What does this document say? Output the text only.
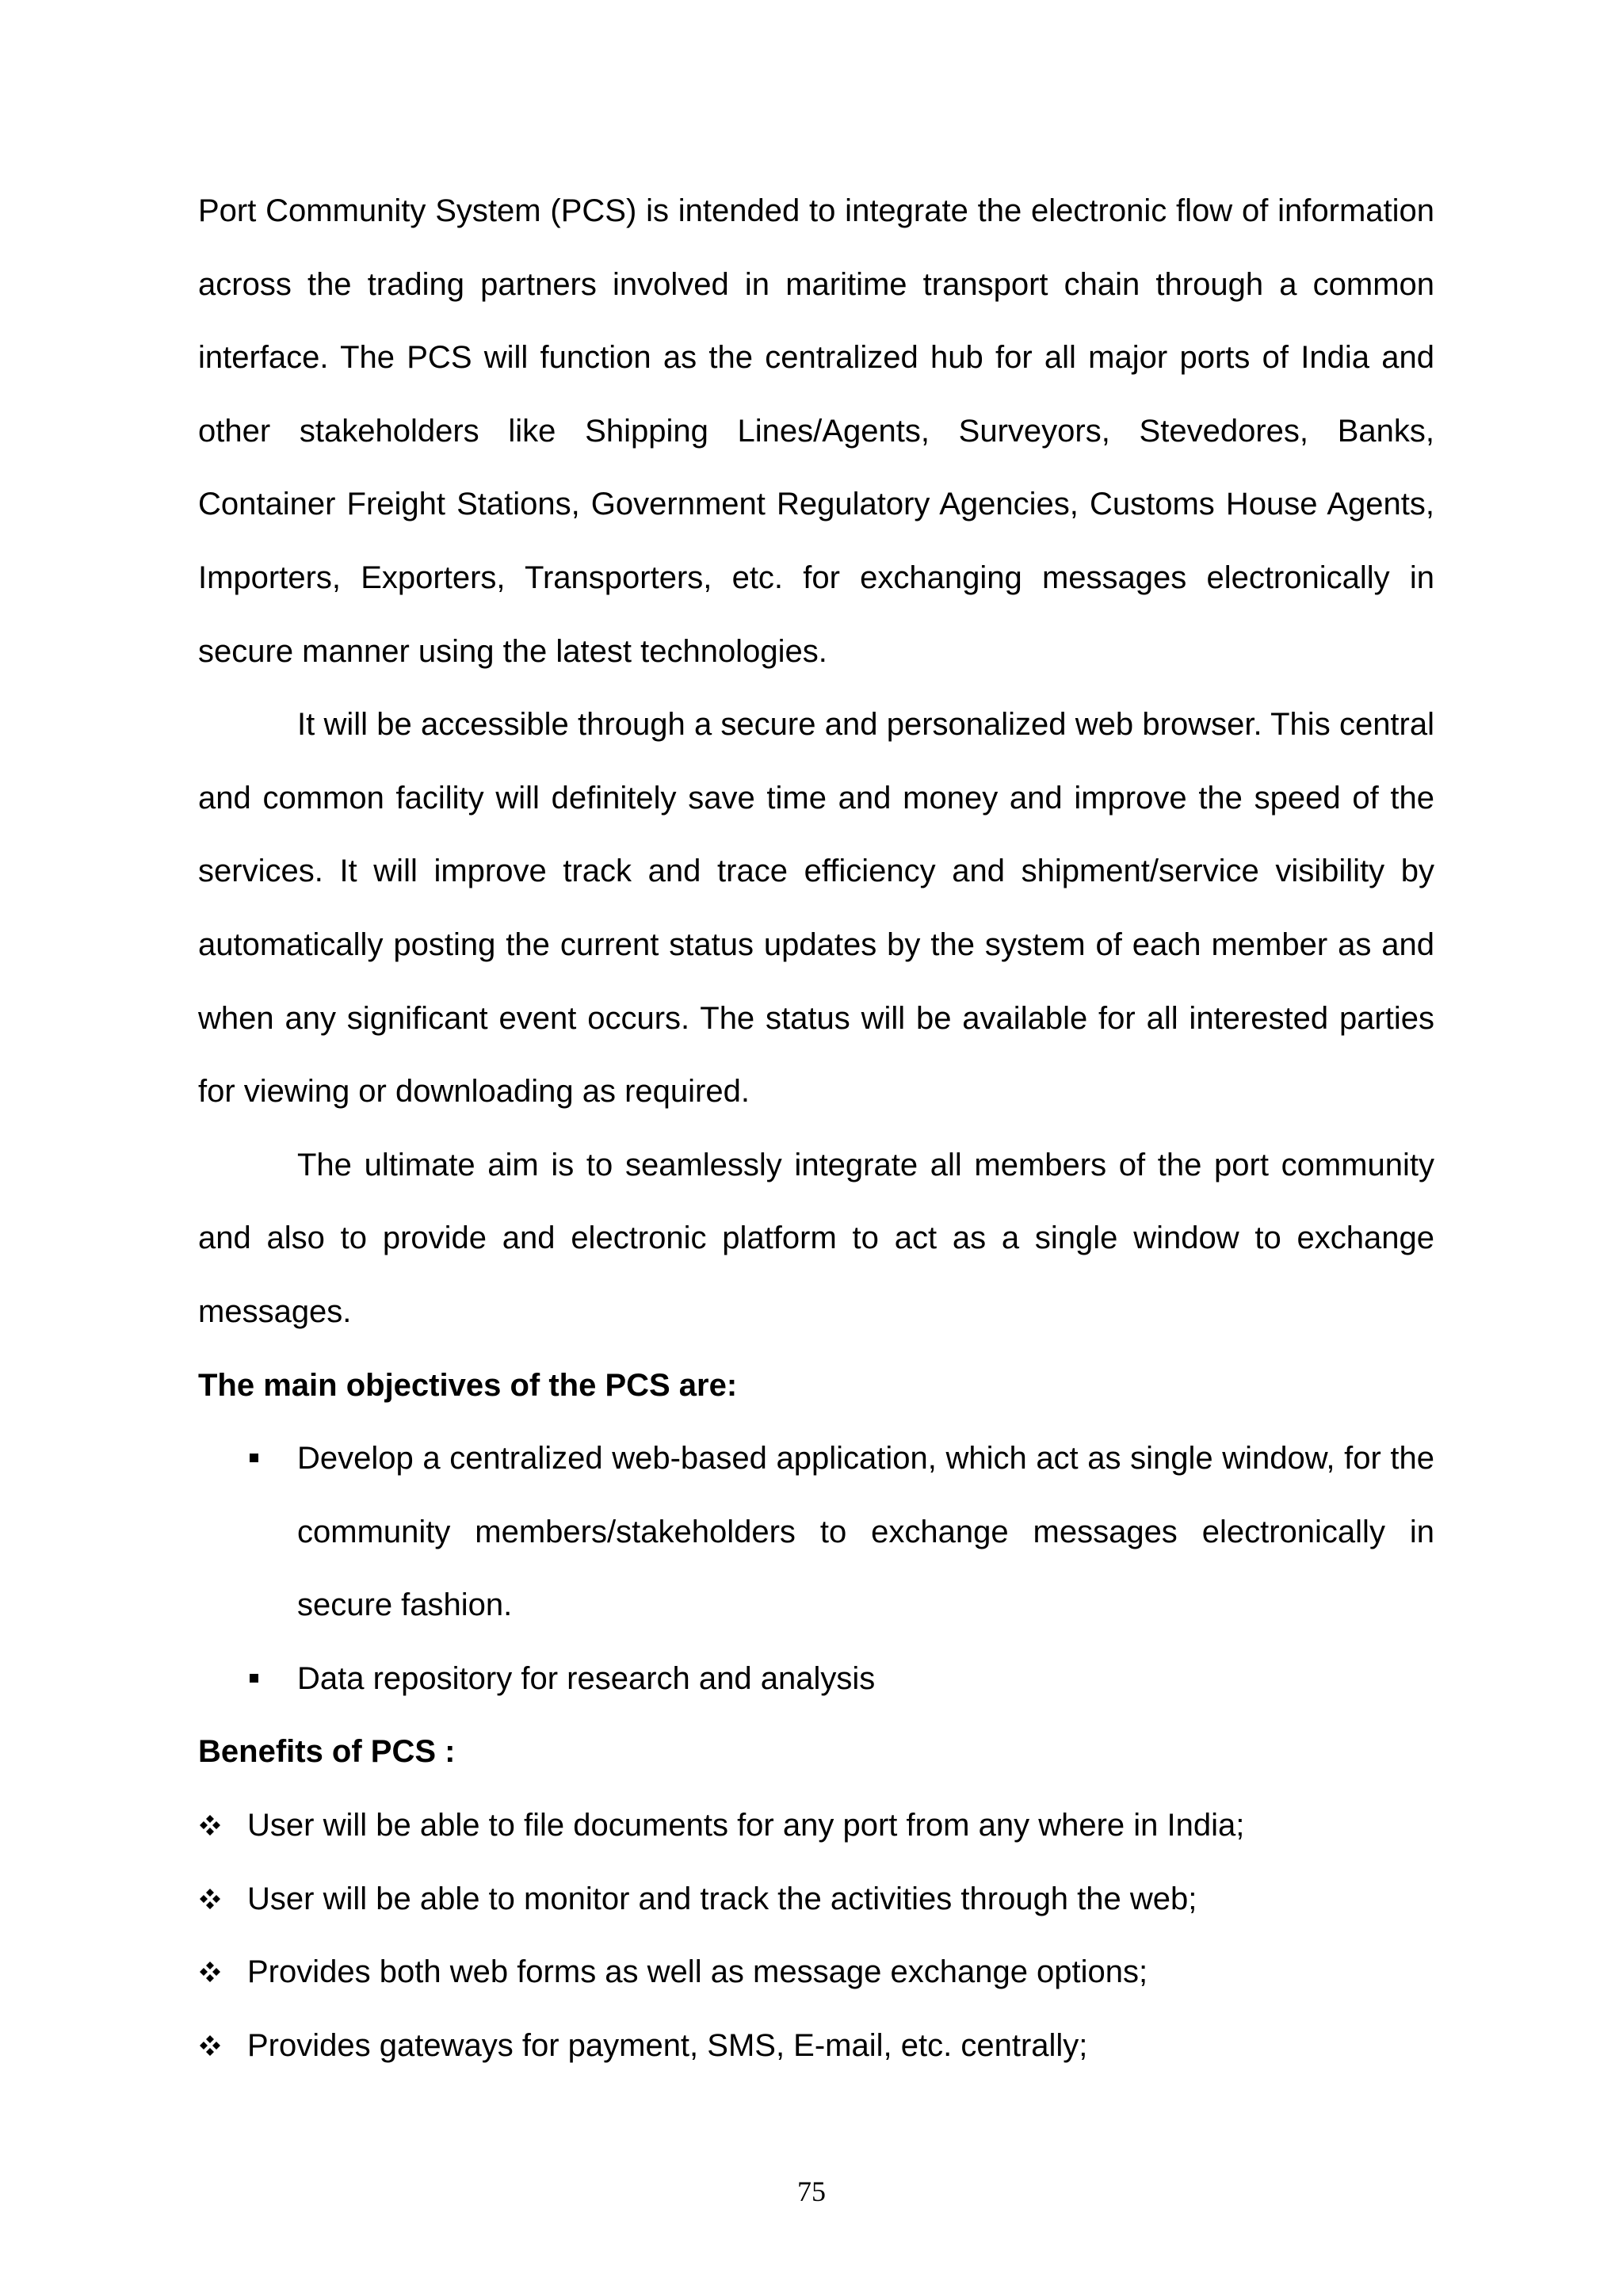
Port Community System (PCS) is intended to integrate the electronic flow of information across the trading partners involved in maritime transport chain through a common interface. The PCS will function as the centralized hub for all major ports of India and other stakeholders like Shipping Lines/Agents, Surveyors, Stevedores, Banks, Container Freight Stations, Government Regulatory Agencies, Customs House Agents, Importers, Exporters, Transporters, etc. for exchanging messages electronically in secure manner using the latest technologies.

It will be accessible through a secure and personalized web browser. This central and common facility will definitely save time and money and improve the speed of the services. It will improve track and trace efficiency and shipment/service visibility by automatically posting the current status updates by the system of each member as and when any significant event occurs. The status will be available for all interested parties for viewing or downloading as required.

The ultimate aim is to seamlessly integrate all members of the port community and also to provide and electronic platform to act as a single window to exchange messages.

The main objectives of the PCS are:

Develop a centralized web-based application, which act as single window, for the community members/stakeholders to exchange messages electronically in secure fashion.
Data repository for research and analysis

Benefits of PCS :

User will be able to file documents for any port from any where in India;
User will be able to monitor and track the activities through the web;
Provides both web forms as well as message exchange options;
Provides gateways for payment, SMS, E-mail, etc. centrally;
75
